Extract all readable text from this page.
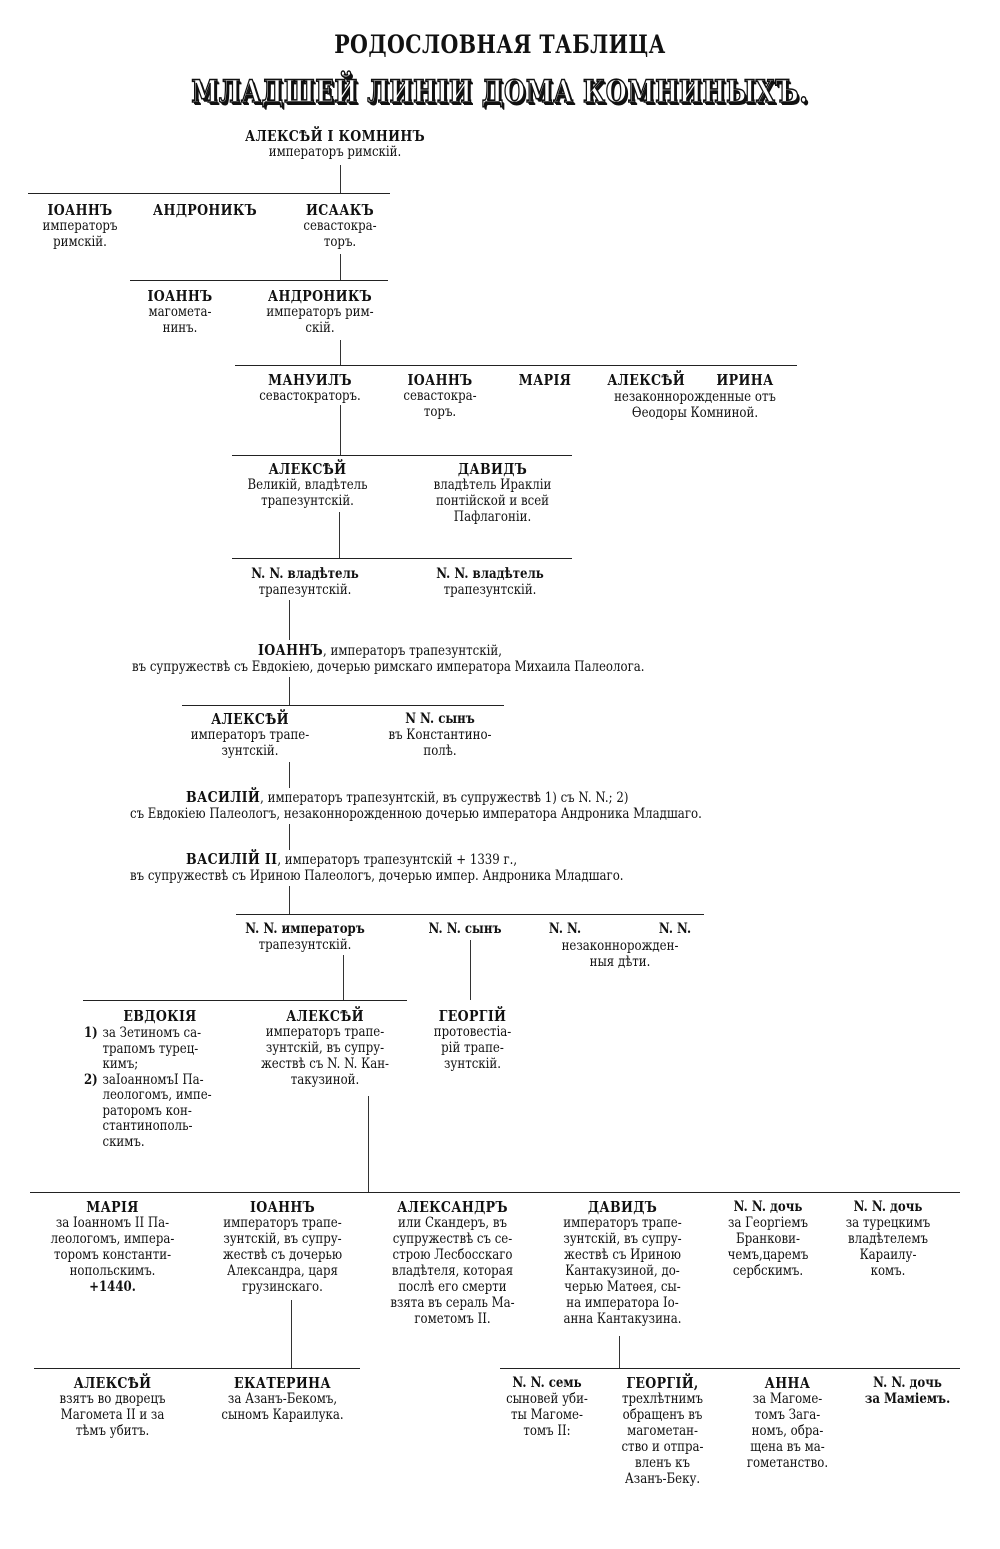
РОДОСЛОВНАЯ ТАБЛИЦА
МЛАДШЕЙ ЛИНІИ ДОМА КОМНИНЫХЪ.
АЛЕКСѢЙ I КОМНИНЪ
императоръ римскій.
ІОАННЪ
императоръ
римскій.
АНДРОНИКЪ	ИСААКЪ
севастокра-
торъ.
ІОАННЪ
магомета-
нинъ.
АНДРОНИКЪ
императоръ рим-
скій.
МАНУИЛЪ
севастократоръ.
ІОАННЪ
севастокра-
торъ.
МАРІЯ	АЛЕКСѢЙ	ИРИНА
незаконнорожденные отъ
Ѳеодоры Комниной.
АЛЕКСѢЙ
Великій, владѣтель
трапезунтскій.
ДАВИДЪ
владѣтель Иракліи
понтійской и всей
Пафлагоніи.
N. N. владѣтель
трапезунтскій.
N. N. владѣтель
трапезунтскій.
ІОАННЪ, императоръ трапезунтскій,
въ супружествѣ съ Евдокіею, дочерью римскаго императора Михаила Палеолога.
АЛЕКСѢЙ
императоръ трапе-
зунтскій.
N N. сынъ
въ Константино-
полѣ.
ВАСИЛІЙ, императоръ трапезунтскій, въ супружествѣ 1) съ N. N.; 2)
съ Евдокіею Палеологъ, незаконнорожденною дочерью императора Андроника Младшаго.
ВАСИЛІЙ II, императоръ трапезунтскій + 1339 г.,
въ супружествѣ съ Ириною Палеологъ, дочерью импер. Андроника Младшаго.
N. N. императоръ
трапезунтскій.
N. N. сынъ	N. N.	N. N.
незаконнорожден-
ныя дѣти.
ЕВДОКІЯ
1) за Зетиномъ са-
трапомъ турец-
кимъ;
2) заІоанномъІ Па-
леологомъ, импе-
раторомъ кон-
стантинополь-
скимъ.
АЛЕКСѢЙ
императоръ трапе-
зунтскій, въ супру-
жествѣ съ N. N. Кан-
такузиной.
ГЕОРГІЙ
протовестіа-
рій трапе-
зунтскій.
МАРІЯ
за Іоанномъ II Па-
леологомъ, импера-
торомъ константи-
нопольскимъ.
+1440.
ІОАННЪ
императоръ трапе-
зунтскій, въ супру-
жествѣ съ дочерью
Александра, царя
грузинскаго.
АЛЕКСАНДРЪ
или Скандеръ, въ
супружествѣ съ се-
строю Лесбосскаго
владѣтеля, которая
послѣ его смерти
взята въ сераль Ма-
гометомъ II.
ДАВИДЪ
императоръ трапе-
зунтскій, въ супру-
жествѣ съ Ириною
Кантакузиной, до-
черью Матѳея, сы-
на императора Іо-
анна Кантакузина.
N. N. дочь
за Георгіемъ
Бранкови-
чемъ,царемъ
сербскимъ.
N. N. дочь
за турецкимъ
владѣтелемъ
Караилу-
комъ.
АЛЕКСѢЙ
взятъ во дворецъ
Магомета II и за
тѣмъ убитъ.
ЕКАТЕРИНА
за Азанъ-Бекомъ,
сыномъ Караилука.
N. N. семь
сыновей уби-
ты Магоме-
томъ II:
ГЕОРГІЙ,
трехлѣтнимъ
обращенъ въ
магометан-
ство и отпра-
вленъ къ
Азанъ-Беку.
АННА
за Магоме-
томъ Зага-
номъ, обра-
щена въ ма-
гометанство.
N. N. дочь
за Маміемъ.
